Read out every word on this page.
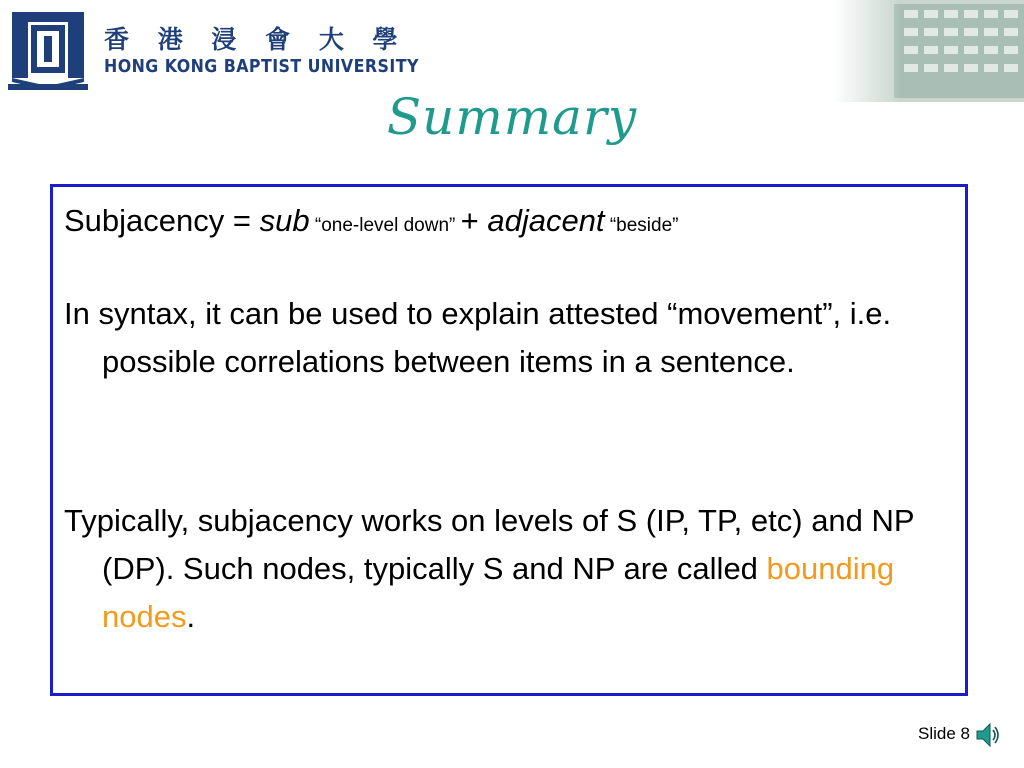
香 港 浸 會 大 學
HONG KONG BAPTIST UNIVERSITY
Summary
Subjacency = sub “one-level down” + adjacent “beside”
In syntax, it can be used to explain attested “movement”, i.e. possible correlations between items in a sentence.
Typically, subjacency works on levels of S (IP, TP, etc) and NP (DP). Such nodes, typically S and NP are called bounding nodes.
Slide 8
